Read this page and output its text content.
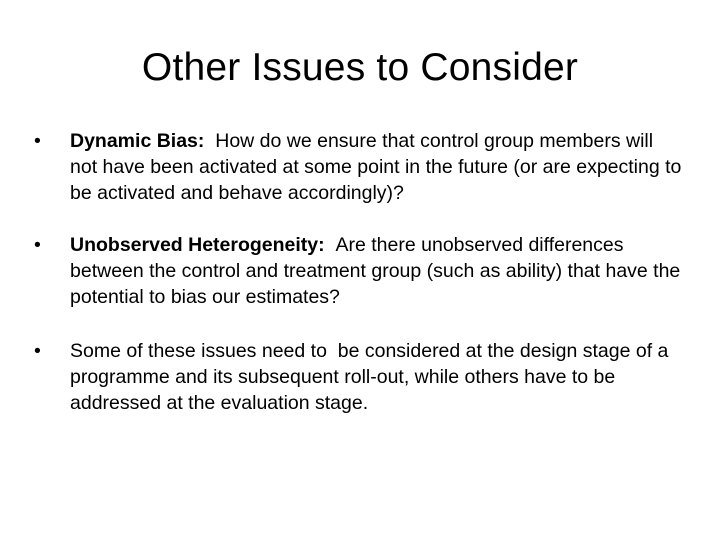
Other Issues to Consider
•	Dynamic Bias: How do we ensure that control group members will not have been activated at some point in the future (or are expecting to be activated and behave accordingly)?
•	Unobserved Heterogeneity: Are there unobserved differences between the control and treatment group (such as ability) that have the potential to bias our estimates?
•	Some of these issues need to  be considered at the design stage of a programme and its subsequent roll-out, while others have to be addressed at the evaluation stage.
